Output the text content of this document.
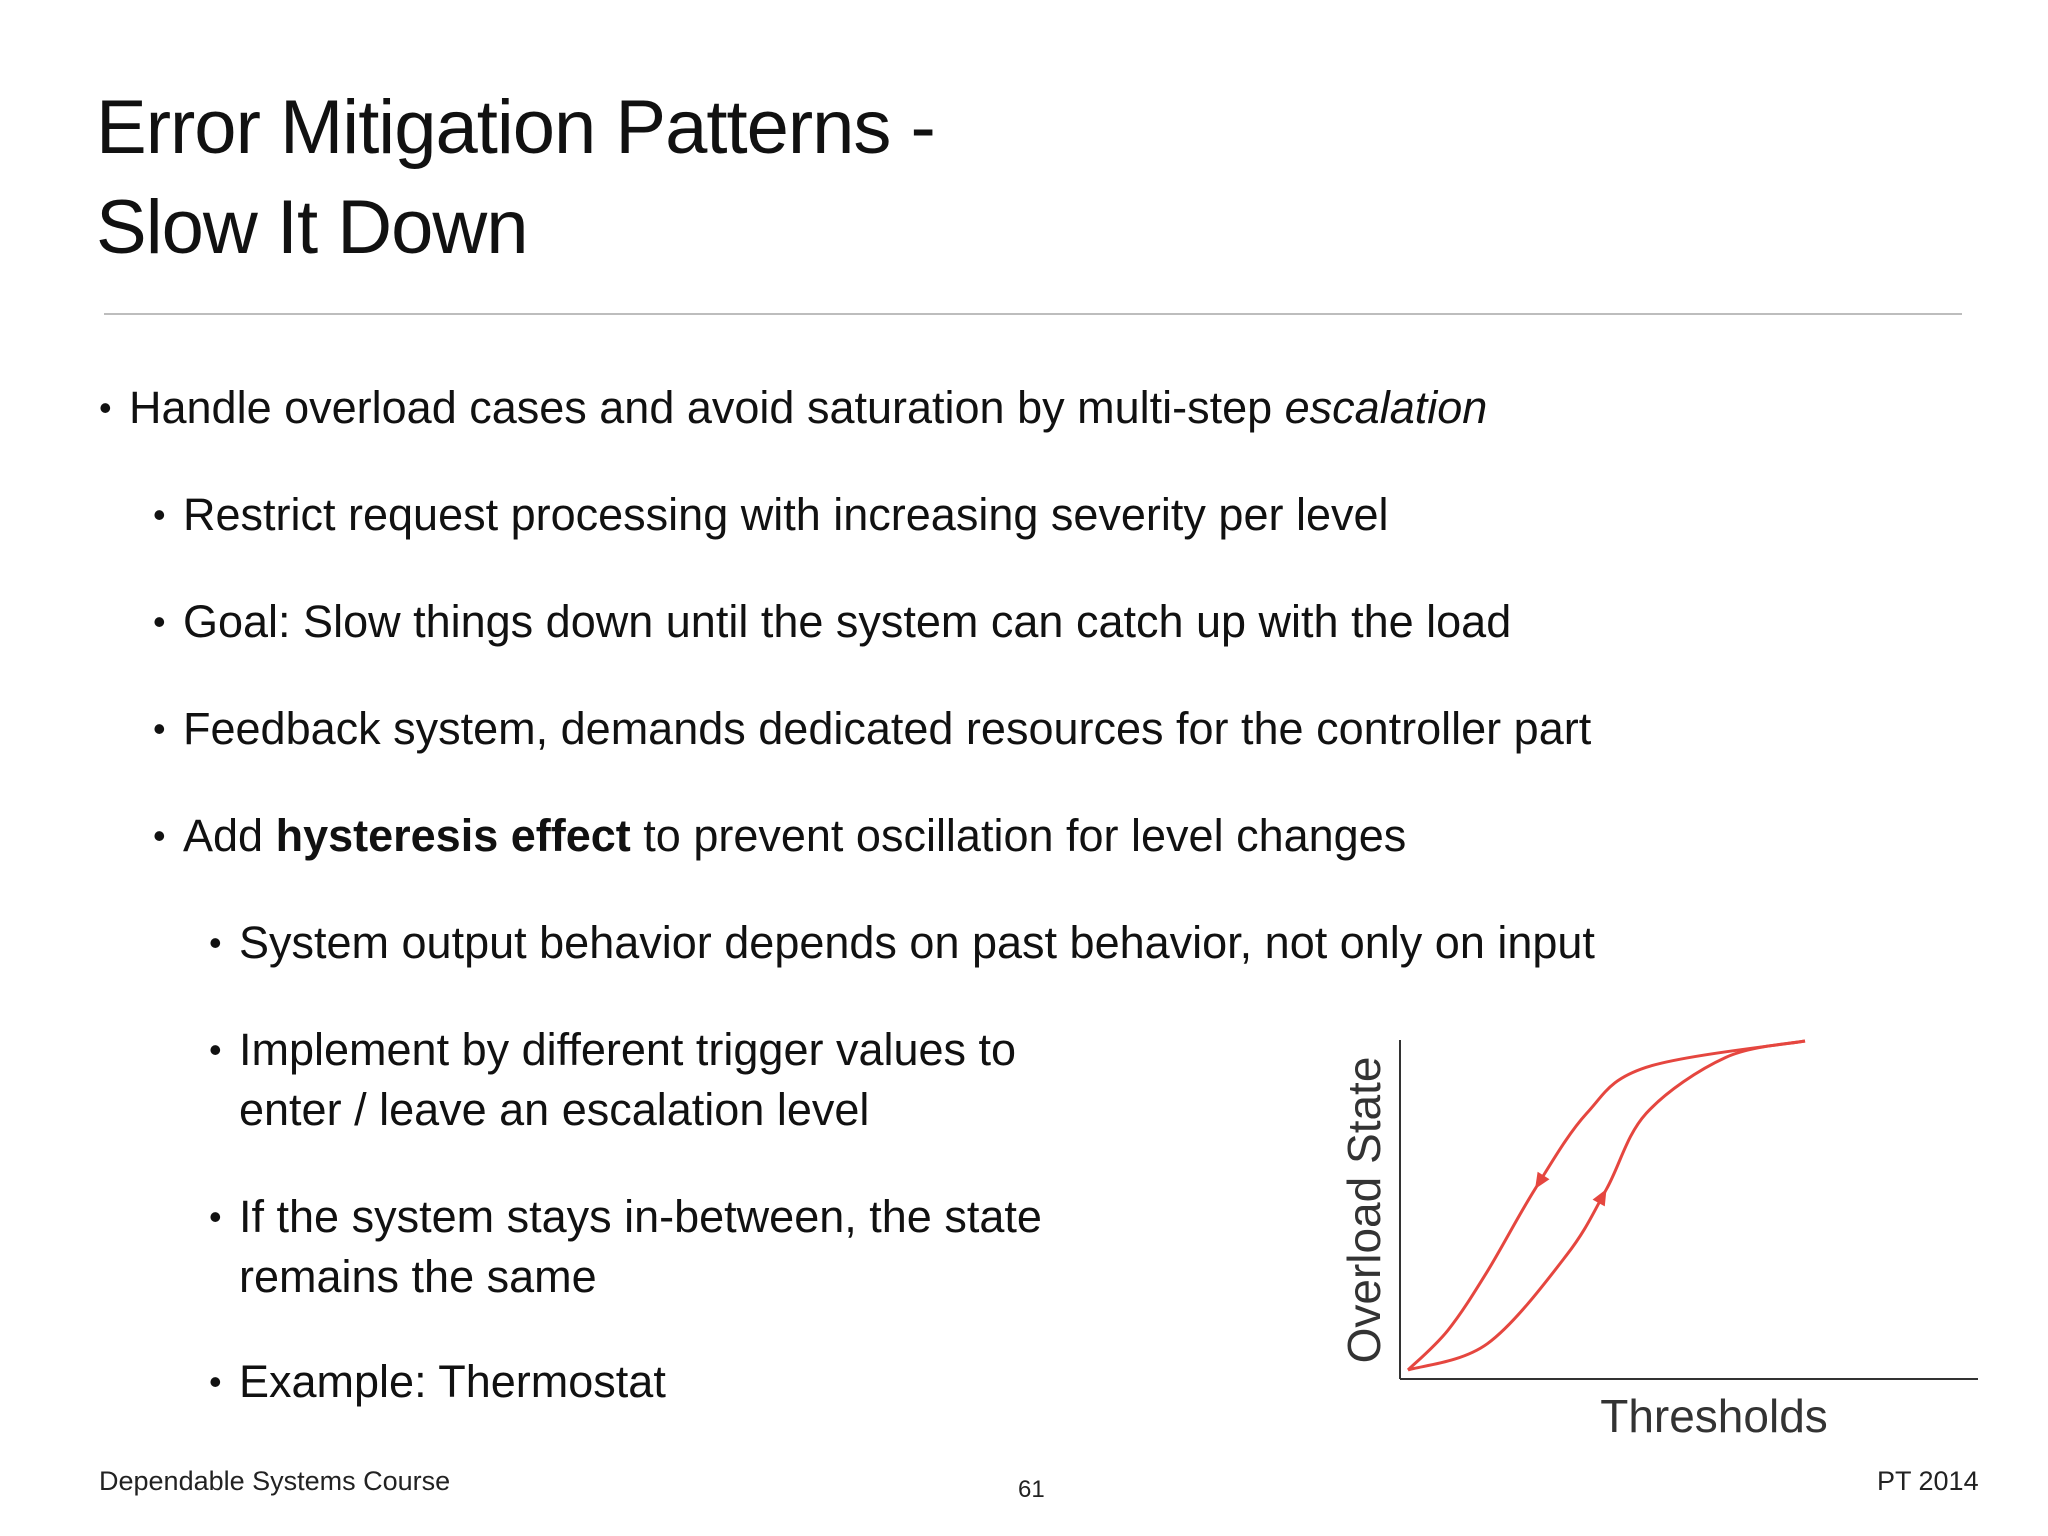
Error Mitigation Patterns -
Slow It Down
• Handle overload cases and avoid saturation by multi-step escalation
• Restrict request processing with increasing severity per level
• Goal: Slow things down until the system can catch up with the load
• Feedback system, demands dedicated resources for the controller part
• Add hysteresis effect to prevent oscillation for level changes
• System output behavior depends on past behavior, not only on input
• Implement by different trigger values to
enter / leave an escalation level
• If the system stays in-between, the state
remains the same
• Example: Thermostat
Overload State
Thresholds
Dependable Systems Course	61	PT 2014
